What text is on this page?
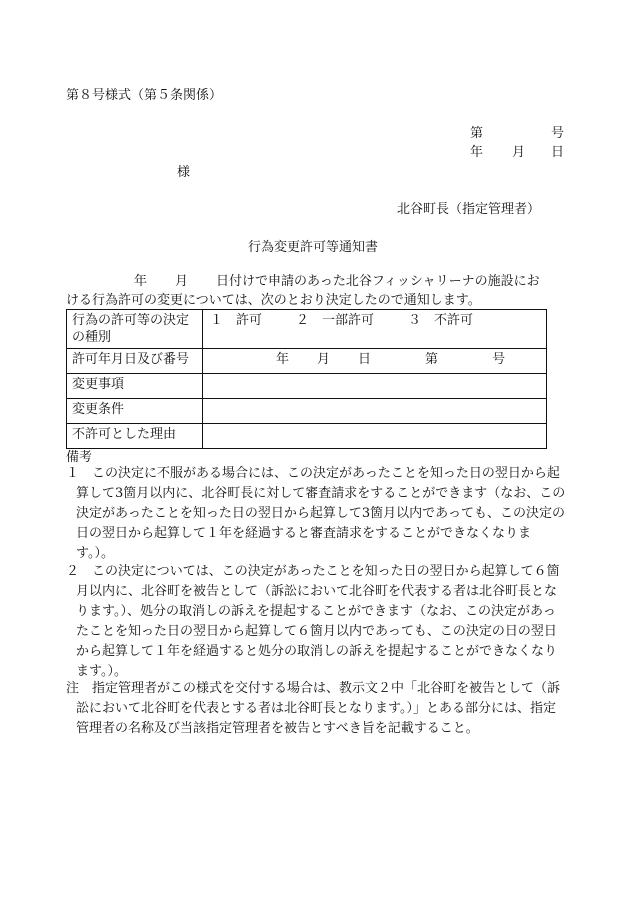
第８号様式（第５条関係）
第	号
年 月 日
様
北谷町長（指定管理者）
行為変更許可等通知書
年 月 日付けで申請のあった北谷フィッシャリーナの施設にお
ける行為許可の変更については、次のとおり決定したので通知します。
行為の許可等の決定の種別	１　許可 ２　一部許可 ３　不許可
許可年月日及び番号	年 月 日 第 号
変更事項	
変更条件	
不許可とした理由	
備考
１ この決定に不服がある場合には、この決定があったことを知った日の翌日から起算して3箇月以内に、北谷町長に対して審査請求をすることができます（なお、この決定があったことを知った日の翌日から起算して3箇月以内であっても、この決定の日の翌日から起算して１年を経過すると審査請求をすることができなくなります。）。
２ この決定については、この決定があったことを知った日の翌日から起算して６箇月以内に、北谷町を被告として（訴訟において北谷町を代表する者は北谷町長となります。）、処分の取消しの訴えを提起することができます（なお、この決定があったことを知った日の翌日から起算して６箇月以内であっても、この決定の日の翌日から起算して１年を経過すると処分の取消しの訴えを提起することができなくなります。）。
注 指定管理者がこの様式を交付する場合は、教示文２中「北谷町を被告として（訴訟において北谷町を代表とする者は北谷町長となります。）」とある部分には、指定管理者の名称及び当該指定管理者を被告とすべき旨を記載すること。
